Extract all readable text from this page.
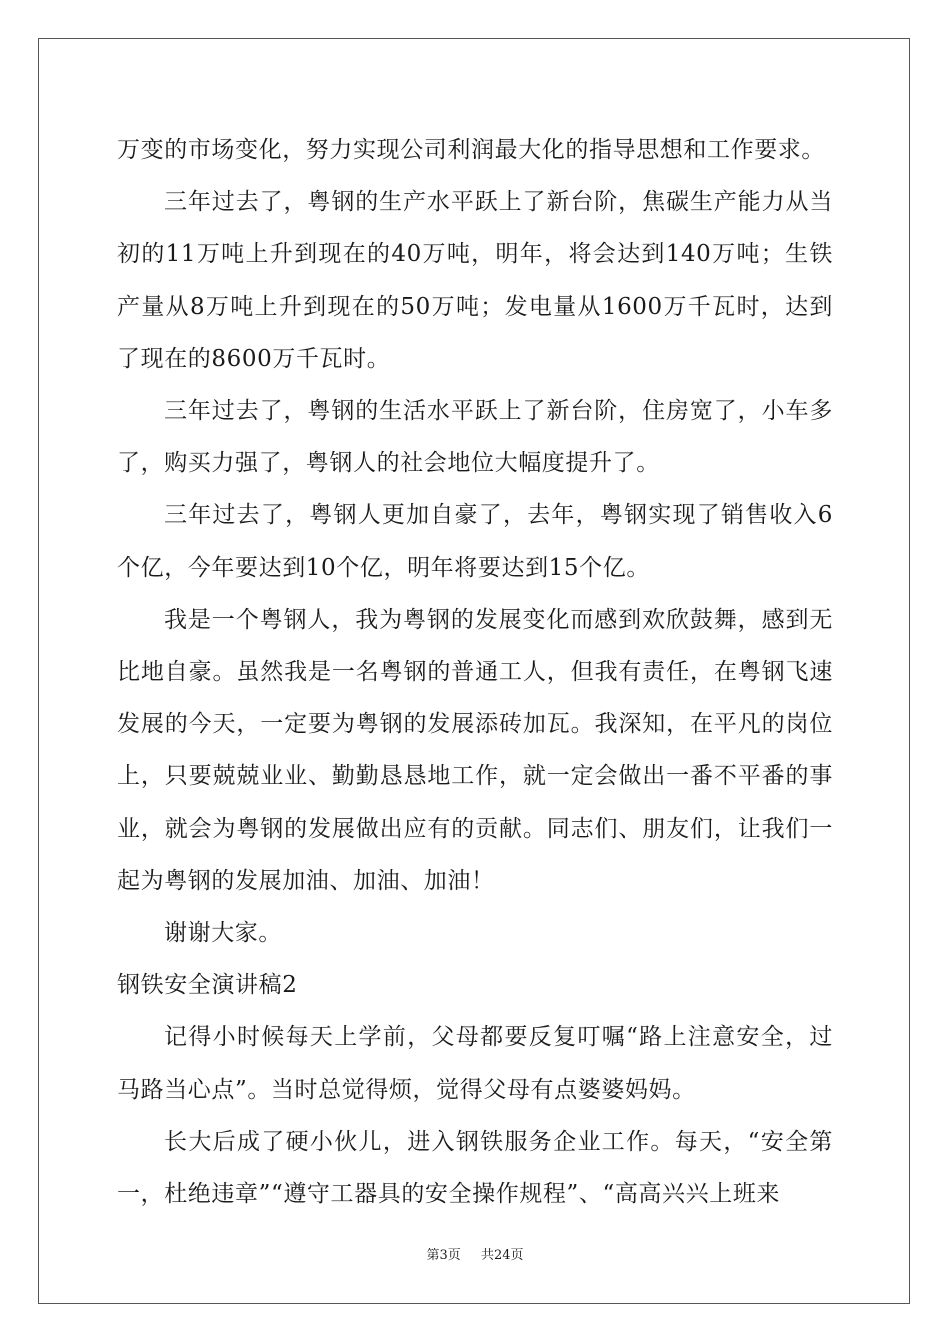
万变的市场变化，努力实现公司利润最大化的指导思想和工作要求。

三年过去了，粤钢的生产水平跃上了新台阶，焦碳生产能力从当初的11万吨上升到现在的40万吨，明年，将会达到140万吨；生铁产量从8万吨上升到现在的50万吨；发电量从1600万千瓦时，达到了现在的8600万千瓦时。

三年过去了，粤钢的生活水平跃上了新台阶，住房宽了，小车多了，购买力强了，粤钢人的社会地位大幅度提升了。

三年过去了，粤钢人更加自豪了，去年，粤钢实现了销售收入6个亿，今年要达到10个亿，明年将要达到15个亿。

我是一个粤钢人，我为粤钢的发展变化而感到欢欣鼓舞，感到无比地自豪。虽然我是一名粤钢的普通工人，但我有责任，在粤钢飞速发展的今天，一定要为粤钢的发展添砖加瓦。我深知，在平凡的岗位上，只要兢兢业业、勤勤恳恳地工作，就一定会做出一番不平番的事业，就会为粤钢的发展做出应有的贡献。同志们、朋友们，让我们一起为粤钢的发展加油、加油、加油！

谢谢大家。

钢铁安全演讲稿2

记得小时候每天上学前，父母都要反复叮嘱“路上注意安全，过马路当心点”。当时总觉得烦，觉得父母有点婆婆妈妈。

长大后成了硬小伙儿，进入钢铁服务企业工作。每天，“安全第一，杜绝违章”“遵守工器具的安全操作规程”、“高高兴兴上班来

第3页 共24页
